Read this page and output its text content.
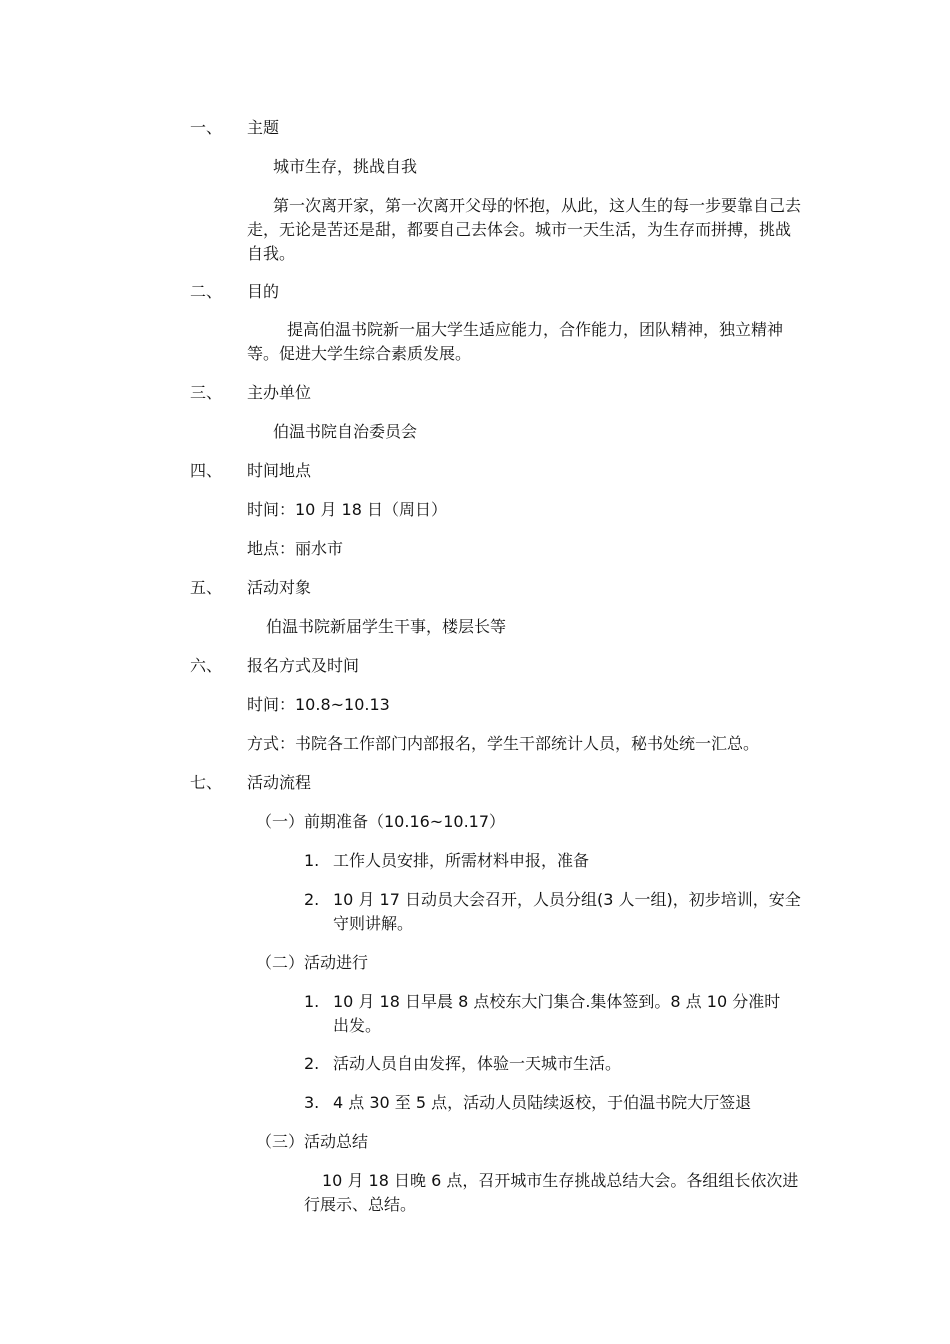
一、 主题
城市生存，挑战自我
第一次离开家，第一次离开父母的怀抱，从此，这人生的每一步要靠自己去走，无论是苦还是甜，都要自己去体会。城市一天生活，为生存而拼搏，挑战自我。
二、 目的
提高伯温书院新一届大学生适应能力，合作能力，团队精神，独立精神等。促进大学生综合素质发展。
三、 主办单位
伯温书院自治委员会
四、 时间地点
时间：10 月 18 日（周日）
地点：丽水市
五、 活动对象
伯温书院新届学生干事，楼层长等
六、 报名方式及时间
时间：10.8~10.13
方式：书院各工作部门内部报名，学生干部统计人员，秘书处统一汇总。
七、 活动流程
（一） 前期准备（10.16~10.17）
1. 工作人员安排，所需材料申报，准备
2. 10 月 17 日动员大会召开，人员分组(3 人一组)，初步培训，安全守则讲解。
（二） 活动进行
1. 10 月 18 日早晨 8 点校东大门集合.集体签到。8 点 10 分准时出发。
2. 活动人员自由发挥，体验一天城市生活。
3. 4 点 30 至 5 点，活动人员陆续返校，于伯温书院大厅签退
（三） 活动总结
10 月 18 日晚 6 点，召开城市生存挑战总结大会。各组组长依次进行展示、总结。
